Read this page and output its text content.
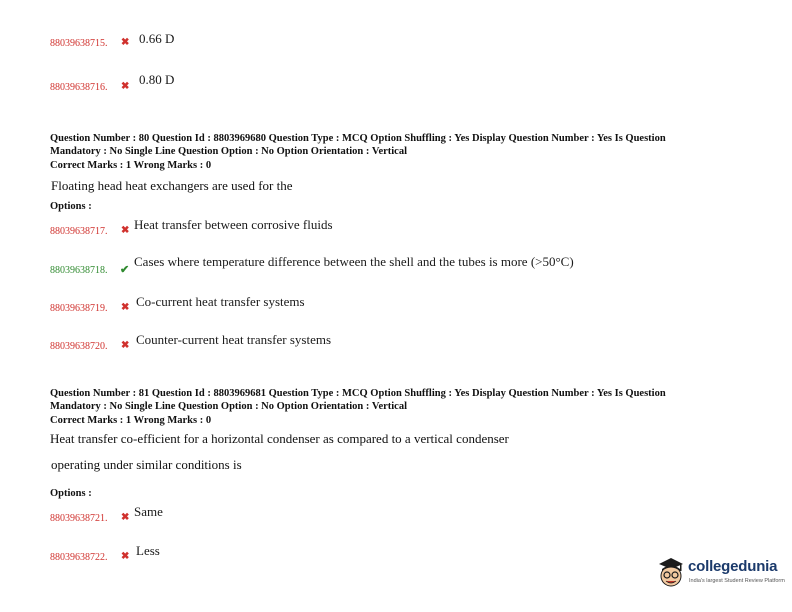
88039638715. ✖ 0.66 D
88039638716. ✖ 0.80 D
Question Number : 80 Question Id : 8803969680 Question Type : MCQ Option Shuffling : Yes Display Question Number : Yes Is Question
Mandatory : No Single Line Question Option : No Option Orientation : Vertical
Correct Marks : 1 Wrong Marks : 0
Floating head heat exchangers are used for the
Options :
88039638717. ✖ Heat transfer between corrosive fluids
88039638718. ✔
Cases where temperature difference between the shell and the tubes is more (>50°C)
88039638719. ✖ Co-current heat transfer systems
88039638720. ✖ Counter-current heat transfer systems
Question Number : 81 Question Id : 8803969681 Question Type : MCQ Option Shuffling : Yes Display Question Number : Yes Is Question
Mandatory : No Single Line Question Option : No Option Orientation : Vertical
Correct Marks : 1 Wrong Marks : 0
Heat transfer co-efficient for a horizontal condenser as compared to a vertical condenser
operating under similar conditions is
Options :
88039638721. ✖ Same
88039638722. ✖ Less
collegedunia
India's largest Student Review Platform
